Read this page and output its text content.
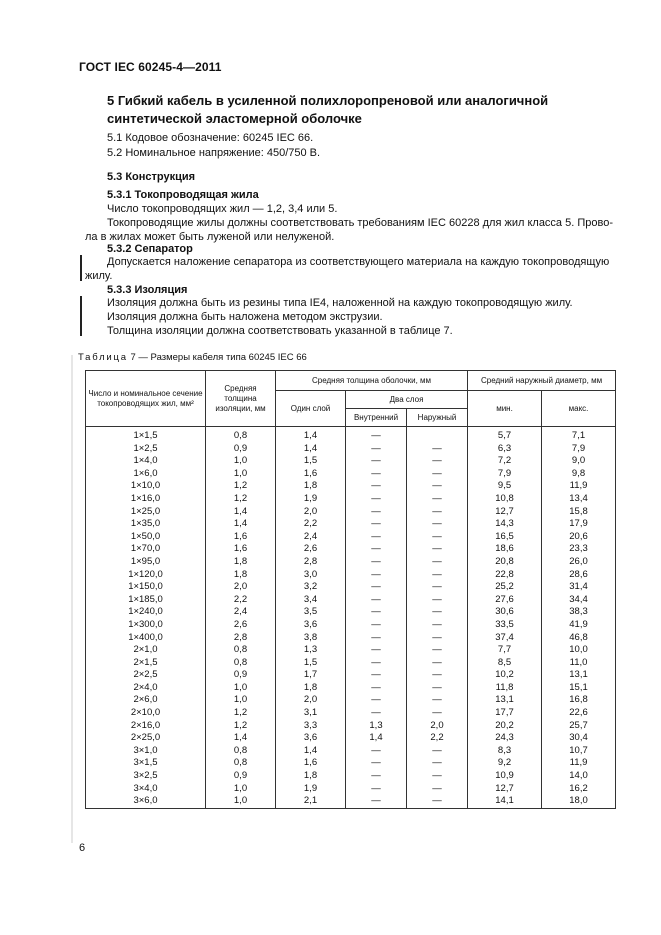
ГОСТ IEC 60245-4—2011
5 Гибкий кабель в усиленной полихлоропреновой или аналогичной синтетической эластомерной оболочке
5.1 Кодовое обозначение: 60245 IEC 66.
5.2 Номинальное напряжение: 450/750 В.
5.3 Конструкция
5.3.1 Токопроводящая жила
Число токопроводящих жил — 1,2, 3,4 или 5.
Токопроводящие жилы должны соответствовать требованиям IEC 60228 для жил класса 5. Прово-ла в жилах может быть луженой или нелуженой.
5.3.2 Сепаратор
Допускается наложение сепаратора из соответствующего материала на каждую токопроводящую жилу.
5.3.3 Изоляция
Изоляция должна быть из резины типа IE4, наложенной на каждую токопроводящую жилу.
Изоляция должна быть наложена методом экструзии.
Толщина изоляции должна соответствовать указанной в таблице 7.
Таблица 7 — Размеры кабеля типа 60245 IEC 66
Число и номинальное сечение токопроводящих жил, мм²	Средняя толщина изоляции, мм	Средняя толщина оболочки, мм			Средний наружный диаметр, мм	
		Один слой	Два слоя		мин.	макс.
			Внутренний	Наружный		
1×1,5	0,8	1,4	—		5,7	7,1
1×2,5	0,9	1,4	—	—	6,3	7,9
1×4,0	1,0	1,5	—	—	7,2	9,0
1×6,0	1,0	1,6	—	—	7,9	9,8
1×10,0	1,2	1,8	—	—	9,5	11,9
1×16,0	1,2	1,9	—	—	10,8	13,4
1×25,0	1,4	2,0	—	—	12,7	15,8
1×35,0	1,4	2,2	—	—	14,3	17,9
1×50,0	1,6	2,4	—	—	16,5	20,6
1×70,0	1,6	2,6	—	—	18,6	23,3
1×95,0	1,8	2,8	—	—	20,8	26,0
1×120,0	1,8	3,0	—	—	22,8	28,6
1×150,0	2,0	3,2	—	—	25,2	31,4
1×185,0	2,2	3,4	—	—	27,6	34,4
1×240,0	2,4	3,5	—	—	30,6	38,3
1×300,0	2,6	3,6	—	—	33,5	41,9
1×400,0	2,8	3,8	—	—	37,4	46,8
2×1,0	0,8	1,3	—	—	7,7	10,0
2×1,5	0,8	1,5	—	—	8,5	11,0
2×2,5	0,9	1,7	—	—	10,2	13,1
2×4,0	1,0	1,8	—	—	11,8	15,1
2×6,0	1,0	2,0	—	—	13,1	16,8
2×10,0	1,2	3,1	—	—	17,7	22,6
2×16,0	1,2	3,3	1,3	2,0	20,2	25,7
2×25,0	1,4	3,6	1,4	2,2	24,3	30,4
3×1,0	0,8	1,4	—	—	8,3	10,7
3×1,5	0,8	1,6	—	—	9,2	11,9
3×2,5	0,9	1,8	—	—	10,9	14,0
3×4,0	1,0	1,9	—	—	12,7	16,2
3×6,0	1,0	2,1	—	—	14,1	18,0
6
